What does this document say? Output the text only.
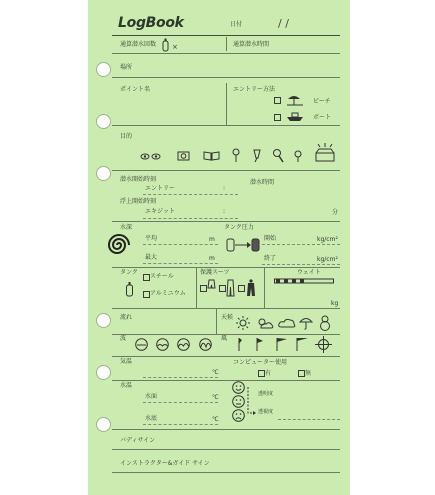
LogBook	日付	/ /
通算潜水回数 ×	通算潜水時間
場所
ポイント名	エントリー方法
ビーチ
ボート
目的
潜水開始時刻
エントリー	:
潜水時間
浮上開始時刻
エキジット	:	分
水深
平均	m
最大	m
タンク圧力
開始	kg/cm²
終了	kg/cm²
タンク
スチール
アルミニウム
保護スーツ	ウェイト
kg
流れ	天候
波	風
気温
℃
コンピューター使用
有	無
水温
水面	℃
水底	℃
透明度
透視度
バディサイン
インストラクター&ガイド サイン
